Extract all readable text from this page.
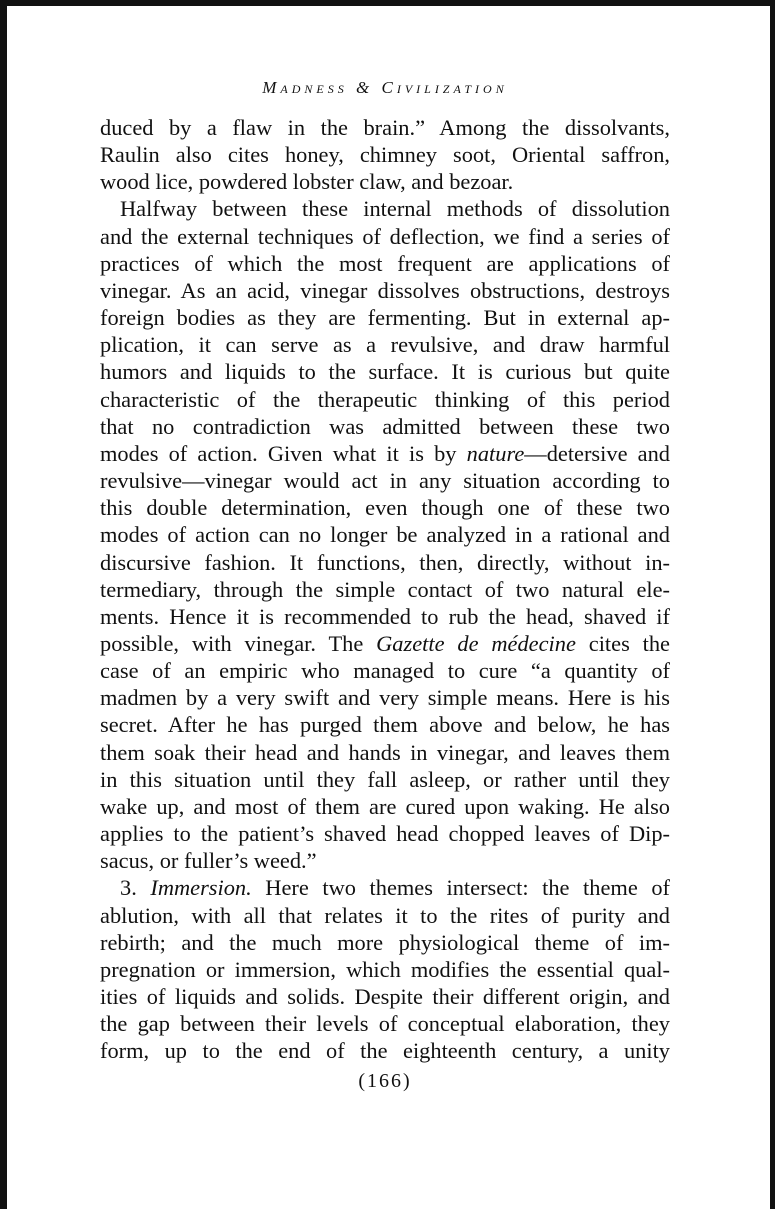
Madness & Civilization

duced by a flaw in the brain.” Among the dissolvants,
Raulin also cites honey, chimney soot, Oriental saffron,
wood lice, powdered lobster claw, and bezoar.

Halfway between these internal methods of dissolution
and the external techniques of deflection, we find a series of
practices of which the most frequent are applications of
vinegar. As an acid, vinegar dissolves obstructions, destroys
foreign bodies as they are fermenting. But in external ap-
plication, it can serve as a revulsive, and draw harmful
humors and liquids to the surface. It is curious but quite
characteristic of the therapeutic thinking of this period
that no contradiction was admitted between these two
modes of action. Given what it is by nature—detersive and
revulsive—vinegar would act in any situation according to
this double determination, even though one of these two
modes of action can no longer be analyzed in a rational and
discursive fashion. It functions, then, directly, without in-
termediary, through the simple contact of two natural ele-
ments. Hence it is recommended to rub the head, shaved if
possible, with vinegar. The Gazette de médecine cites the
case of an empiric who managed to cure “a quantity of
madmen by a very swift and very simple means. Here is his
secret. After he has purged them above and below, he has
them soak their head and hands in vinegar, and leaves them
in this situation until they fall asleep, or rather until they
wake up, and most of them are cured upon waking. He also
applies to the patient’s shaved head chopped leaves of Dip-
sacus, or fuller’s weed.”

3. Immersion. Here two themes intersect: the theme of
ablution, with all that relates it to the rites of purity and
rebirth; and the much more physiological theme of im-
pregnation or immersion, which modifies the essential qual-
ities of liquids and solids. Despite their different origin, and
the gap between their levels of conceptual elaboration, they
form, up to the end of the eighteenth century, a unity

(166)
